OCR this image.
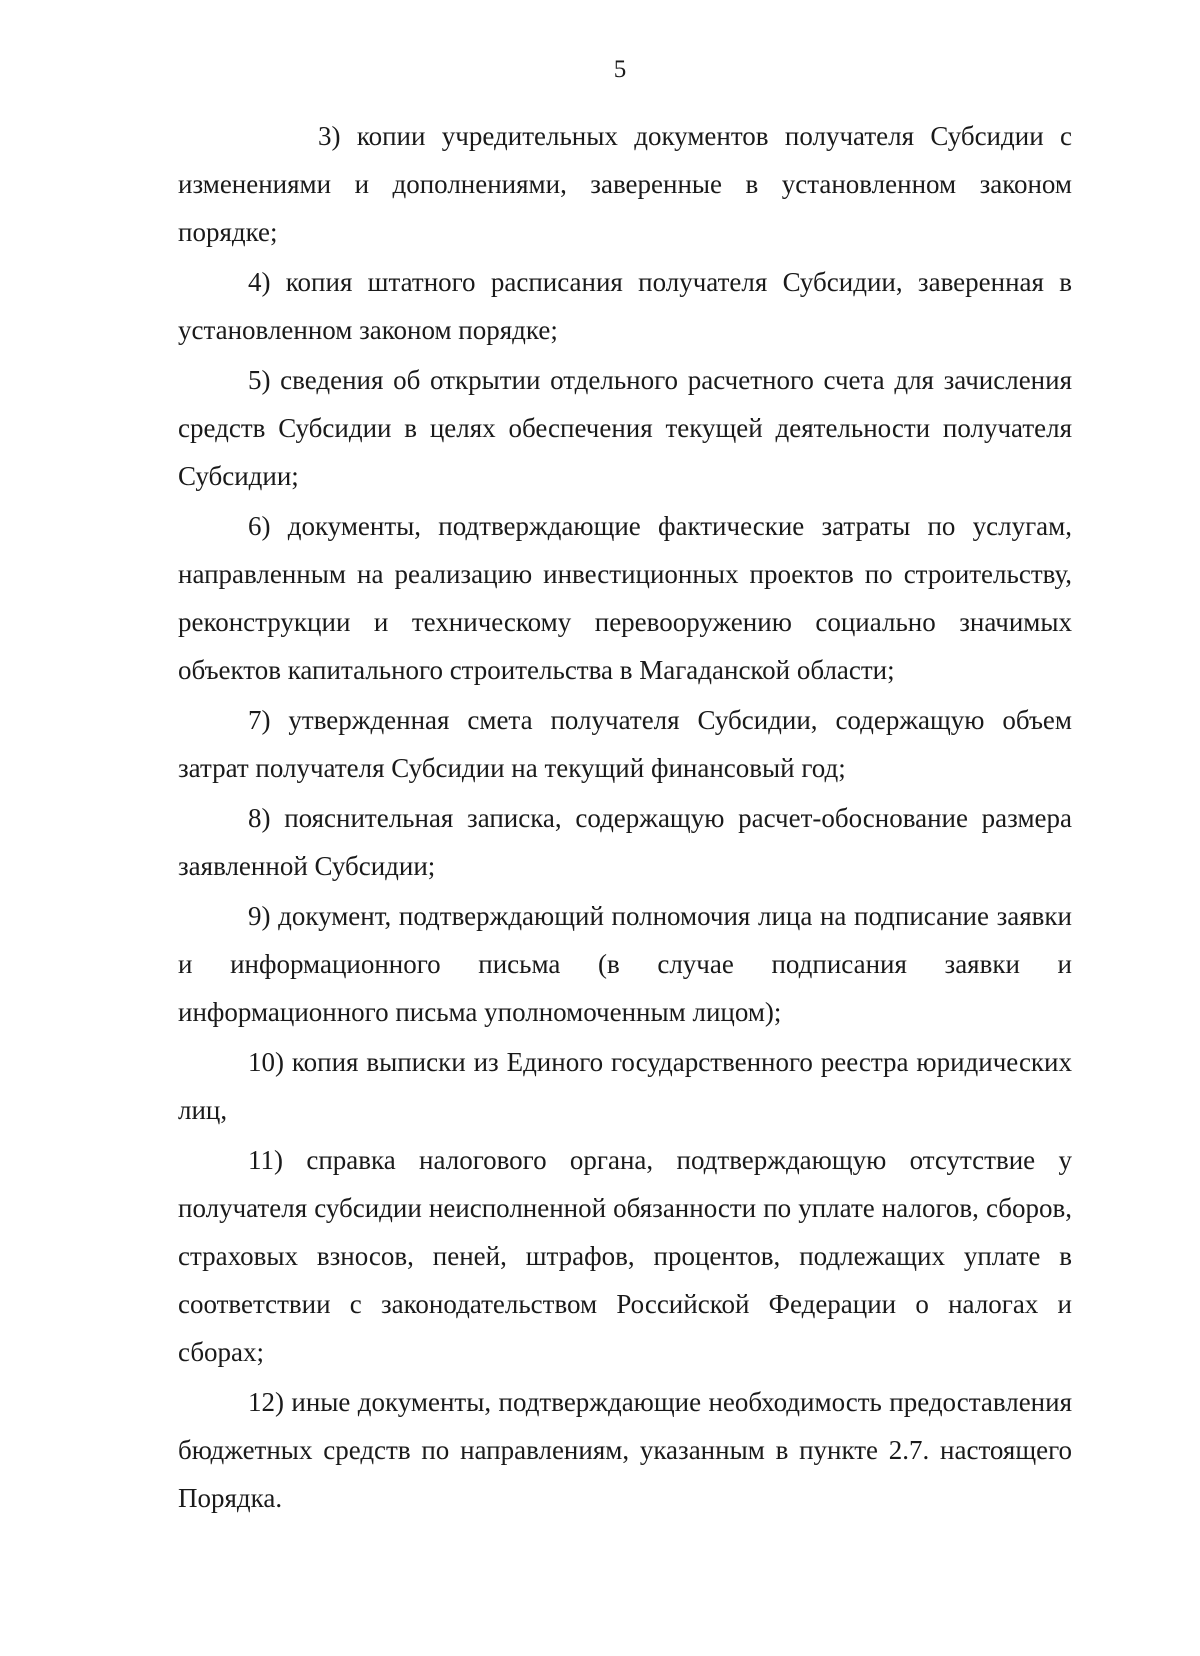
5

3) копии учредительных документов получателя Субсидии с изменениями и дополнениями, заверенные в установленном законом порядке;

4) копия штатного расписания получателя Субсидии, заверенная в установленном законом порядке;

5) сведения об открытии отдельного расчетного счета для зачисления средств Субсидии в целях обеспечения текущей деятельности получателя Субсидии;

6) документы, подтверждающие фактические затраты по услугам, направленным на реализацию инвестиционных проектов по строительству, реконструкции и техническому перевооружению социально значимых объектов капитального строительства в Магаданской области;

7) утвержденная смета получателя Субсидии, содержащую объем затрат получателя Субсидии на текущий финансовый год;

8) пояснительная записка, содержащую расчет-обоснование размера заявленной Субсидии;

9) документ, подтверждающий полномочия лица на подписание заявки и информационного письма (в случае подписания заявки и информационного письма уполномоченным лицом);

10) копия выписки из Единого государственного реестра юридических лиц,

11) справка налогового органа, подтверждающую отсутствие у получателя субсидии неисполненной обязанности по уплате налогов, сборов, страховых взносов, пеней, штрафов, процентов, подлежащих уплате в соответствии с законодательством Российской Федерации о налогах и сборах;

12) иные документы, подтверждающие необходимость предоставления бюджетных средств по направлениям, указанным в пункте 2.7. настоящего Порядка.
